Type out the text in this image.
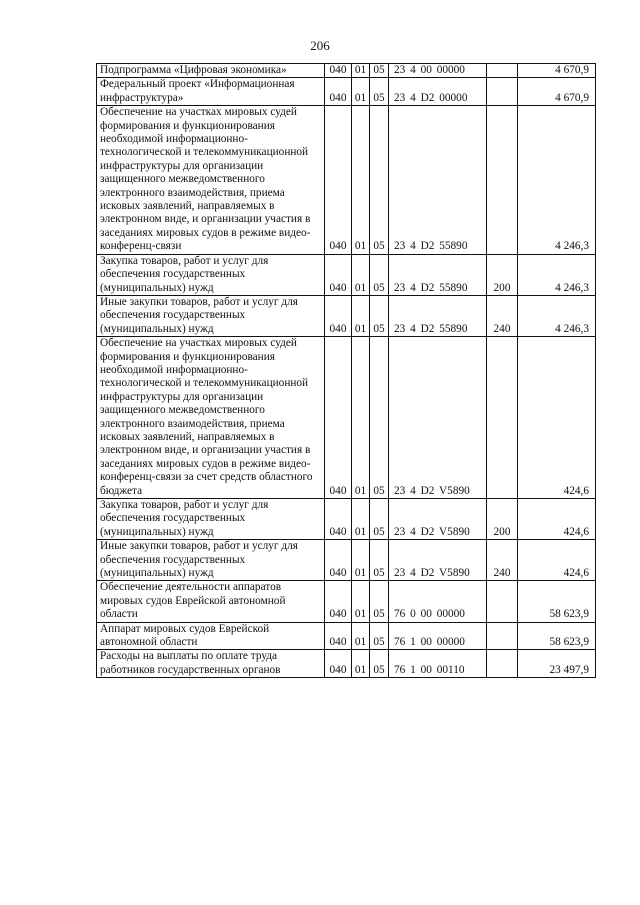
206
Подпрограмма «Цифровая экономика»	040	01	05	23 4 00 00000		4 670,9
Федеральный проект «Информационная инфраструктура»	040	01	05	23 4 D2 00000		4 670,9
Обеспечение на участках мировых судей формирования и функционирования необходимой информационно-технологической и телекоммуникационной инфраструктуры для организации защищенного межведомственного электронного взаимодействия, приема исковых заявлений, направляемых в электронном виде, и организации участия в заседаниях мировых судов в режиме видео-конференц-связи	040	01	05	23 4 D2 55890		4 246,3
Закупка товаров, работ и услуг для обеспечения государственных (муниципальных) нужд	040	01	05	23 4 D2 55890	200	4 246,3
Иные закупки товаров, работ и услуг для обеспечения государственных (муниципальных) нужд	040	01	05	23 4 D2 55890	240	4 246,3
Обеспечение на участках мировых судей формирования и функционирования необходимой информационно-технологической и телекоммуникационной инфраструктуры для организации защищенного межведомственного электронного взаимодействия, приема исковых заявлений, направляемых в электронном виде, и организации участия в заседаниях мировых судов в режиме видео-конференц-связи за счет средств областного бюджета	040	01	05	23 4 D2 V5890		424,6
Закупка товаров, работ и услуг для обеспечения государственных (муниципальных) нужд	040	01	05	23 4 D2 V5890	200	424,6
Иные закупки товаров, работ и услуг для обеспечения государственных (муниципальных) нужд	040	01	05	23 4 D2 V5890	240	424,6
Обеспечение деятельности аппаратов мировых судов Еврейской автономной области	040	01	05	76 0 00 00000		58 623,9
Аппарат мировых судов Еврейской автономной области	040	01	05	76 1 00 00000		58 623,9
Расходы на выплаты по оплате труда работников государственных органов	040	01	05	76 1 00 00110		23 497,9
